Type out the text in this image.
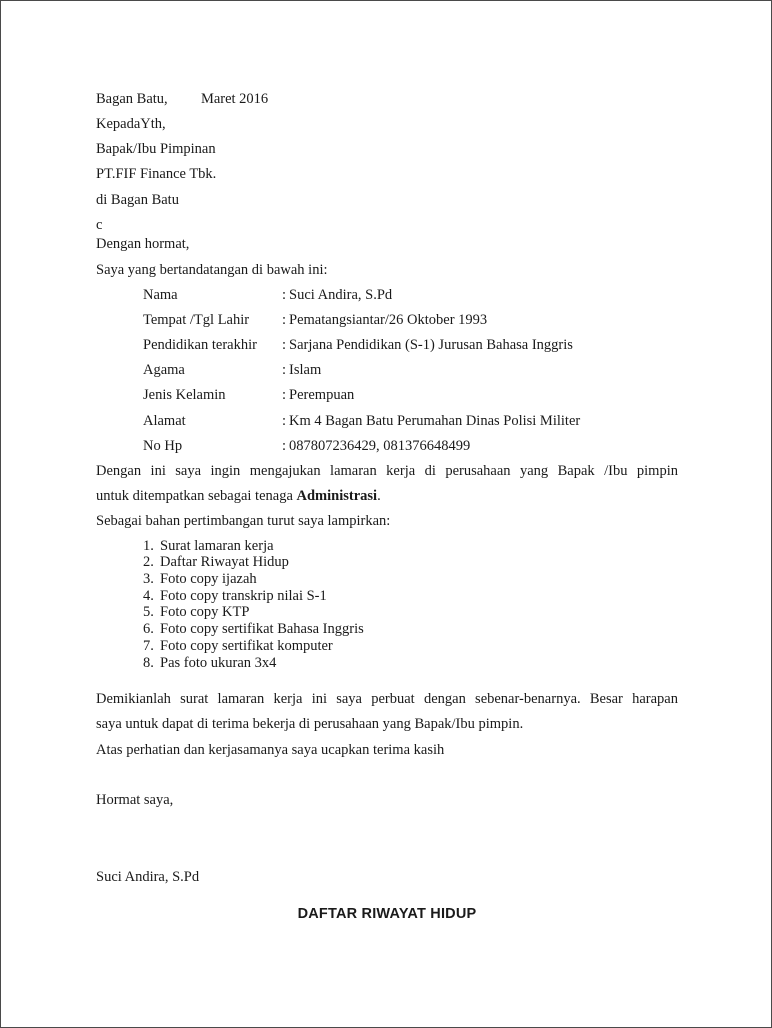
Bagan Batu, Maret 2016
KepadaYth,
Bapak/Ibu Pimpinan
PT.FIF Finance Tbk.
di Bagan Batu
c
Dengan hormat,
Saya yang bertandatangan di bawah ini:
Nama	: Suci Andira, S.Pd
Tempat /Tgl Lahir : Pematangsiantar/26 Oktober 1993
Pendidikan terakhir : Sarjana Pendidikan (S-1) Jurusan Bahasa Inggris
Agama	: Islam
Jenis Kelamin	: Perempuan
Alamat	: Km 4 Bagan Batu Perumahan Dinas Polisi Militer
No Hp	: 087807236429, 081376648499
Dengan ini saya ingin mengajukan lamaran kerja di perusahaan yang Bapak /Ibu pimpin
untuk ditempatkan sebagai tenaga Administrasi.
Sebagai bahan pertimbangan turut saya lampirkan:
1. Surat lamaran kerja
2. Daftar Riwayat Hidup
3. Foto copy ijazah
4. Foto copy transkrip nilai S-1
5. Foto copy KTP
6. Foto copy sertifikat Bahasa Inggris
7. Foto copy sertifikat komputer
8. Pas foto ukuran 3x4
Demikianlah surat lamaran kerja ini saya perbuat dengan sebenar-benarnya. Besar harapan
saya untuk dapat di terima bekerja di perusahaan yang Bapak/Ibu pimpin.
Atas perhatian dan kerjasamanya saya ucapkan terima kasih
Hormat saya,
Suci Andira, S.Pd
DAFTAR RIWAYAT HIDUP
